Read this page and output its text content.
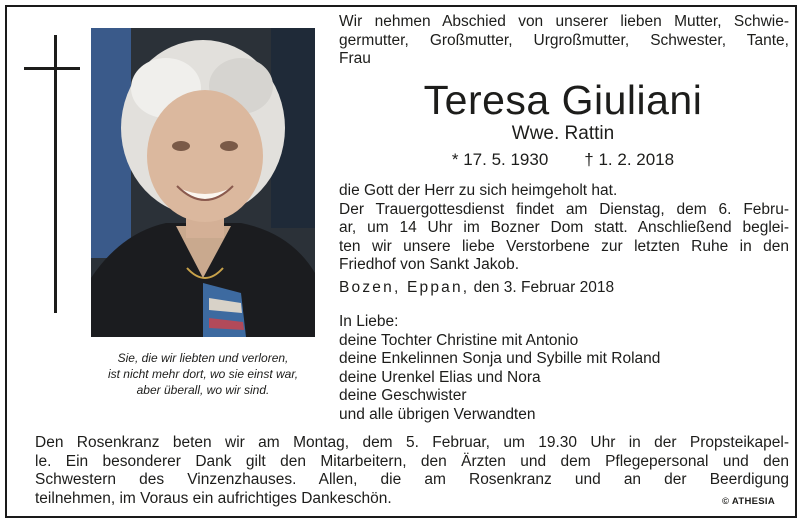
Sie, die wir liebten und verloren,
ist nicht mehr dort, wo sie einst war,
aber überall, wo wir sind.
Wir nehmen Abschied von unserer lieben Mutter, Schwie-
germutter, Großmutter, Urgroßmutter, Schwester, Tante,
Frau
Teresa Giuliani
Wwe. Rattin
* 17. 5. 1930 † 1. 2. 2018
die Gott der Herr zu sich heimgeholt hat.
Der Trauergottesdienst findet am Dienstag, dem 6. Febru-
ar, um 14 Uhr im Bozner Dom statt. Anschließend beglei-
ten wir unsere liebe Verstorbene zur letzten Ruhe in den
Friedhof von Sankt Jakob.
Bozen, Eppan, den 3. Februar 2018
In Liebe:
deine Tochter Christine mit Antonio
deine Enkelinnen Sonja und Sybille mit Roland
deine Urenkel Elias und Nora
deine Geschwister
und alle übrigen Verwandten
Den Rosenkranz beten wir am Montag, dem 5. Februar, um 19.30 Uhr in der Propsteikapel-
le. Ein besonderer Dank gilt den Mitarbeitern, den Ärzten und dem Pflegepersonal und den
Schwestern des Vinzenzhauses. Allen, die am Rosenkranz und an der Beerdigung
teilnehmen, im Voraus ein aufrichtiges Dankeschön.	© ATHESIA
